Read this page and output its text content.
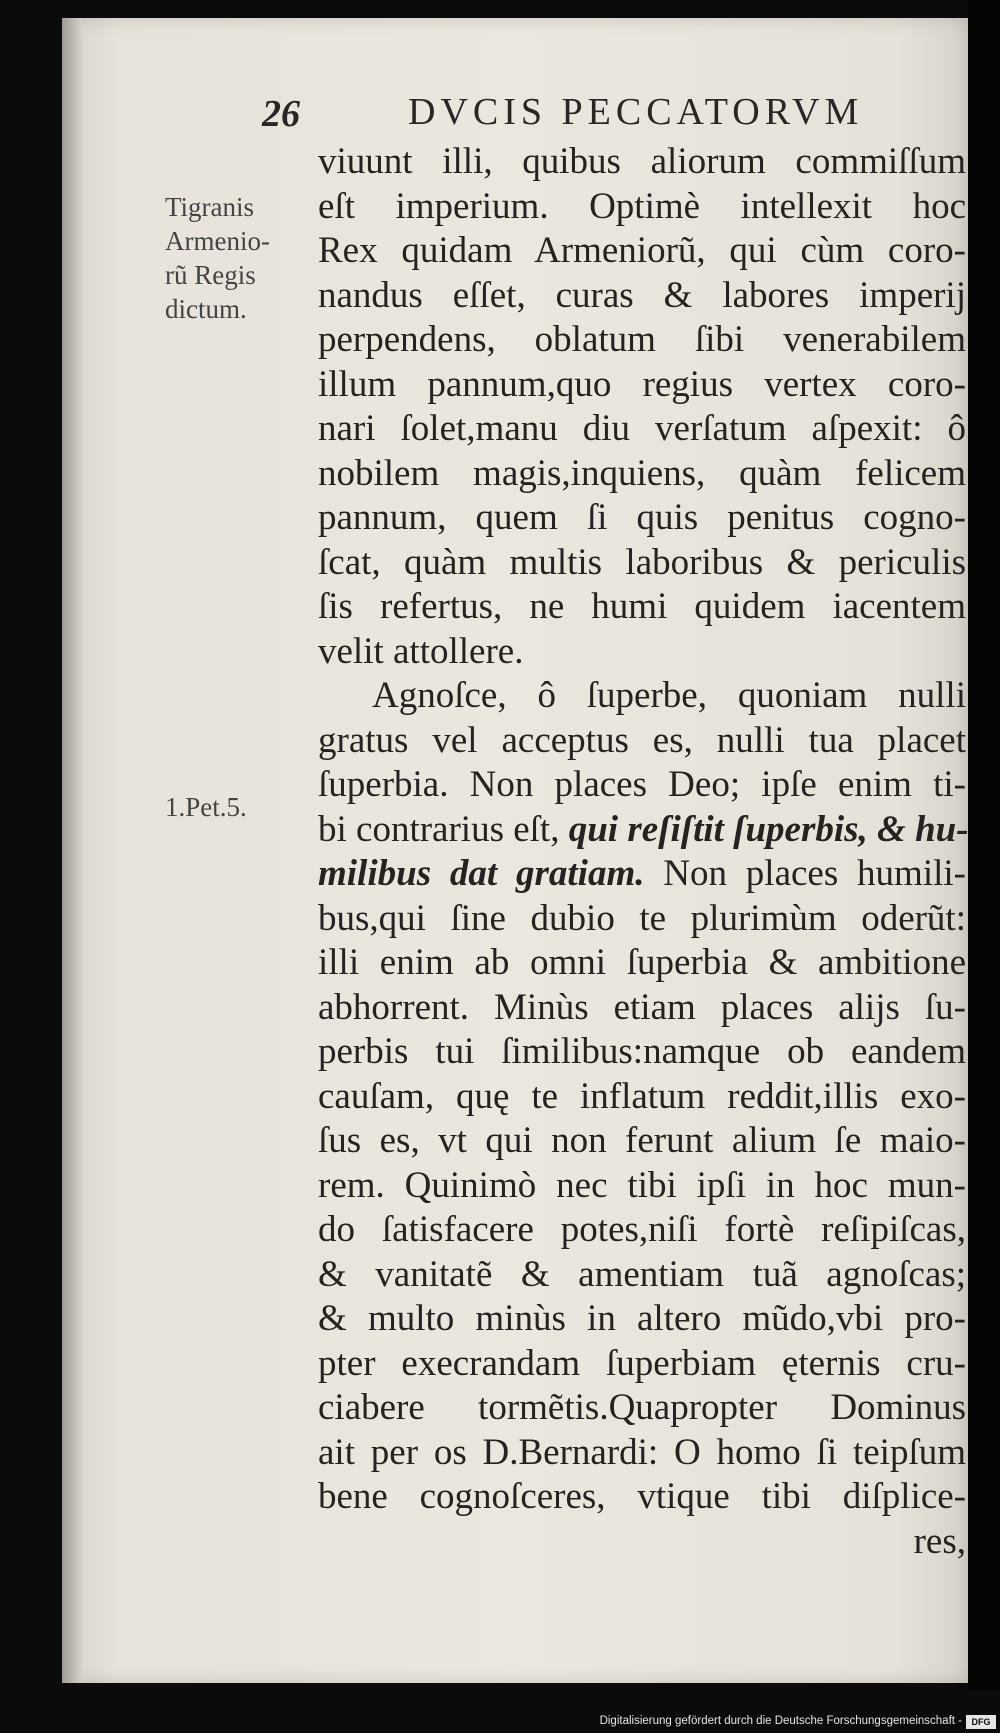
26	DVCIS PECCATORVM
Tigranis
Armenio-
rũ Regis
dictum.
1.Pet.5.
viuunt illi, quibus aliorum commiſſum
eſt imperium. Optimè intellexit hoc
Rex quidam Armeniorũ, qui cùm coro-
nandus eſſet, curas & labores imperij
perpendens, oblatum ſibi venerabilem
illum pannum,quo regius vertex coro-
nari ſolet,manu diu verſatum aſpexit: ô
nobilem magis,inquiens, quàm felicem
pannum, quem ſi quis penitus cogno-
ſcat, quàm multis laboribus & periculis
ſis refertus, ne humi quidem iacentem
velit attollere.
Agnoſce, ô ſuperbe, quoniam nulli
gratus vel acceptus es, nulli tua placet
ſuperbia. Non places Deo; ipſe enim ti-
bi contrarius eſt, qui reſiſtit ſuperbis, & hu-
milibus dat gratiam. Non places humili-
bus,qui ſine dubio te plurimùm oderũt:
illi enim ab omni ſuperbia & ambitione
abhorrent. Minùs etiam places alijs ſu-
perbis tui ſimilibus:namque ob eandem
cauſam, quę te inflatum reddit,illis exo-
ſus es, vt qui non ferunt alium ſe maio-
rem. Quinimò nec tibi ipſi in hoc mun-
do ſatisfacere potes,niſi fortè reſipiſcas,
& vanitatẽ & amentiam tuã agnoſcas;
& multo minùs in altero mũdo,vbi pro-
pter execrandam ſuperbiam ęternis cru-
ciabere tormẽtis.Quapropter Dominus
ait per os D.Bernardi: O homo ſi teipſum
bene cognoſceres, vtique tibi diſplice-
res,
Digitalisierung gefördert durch die Deutsche Forschungsgemeinschaft -	DFG
